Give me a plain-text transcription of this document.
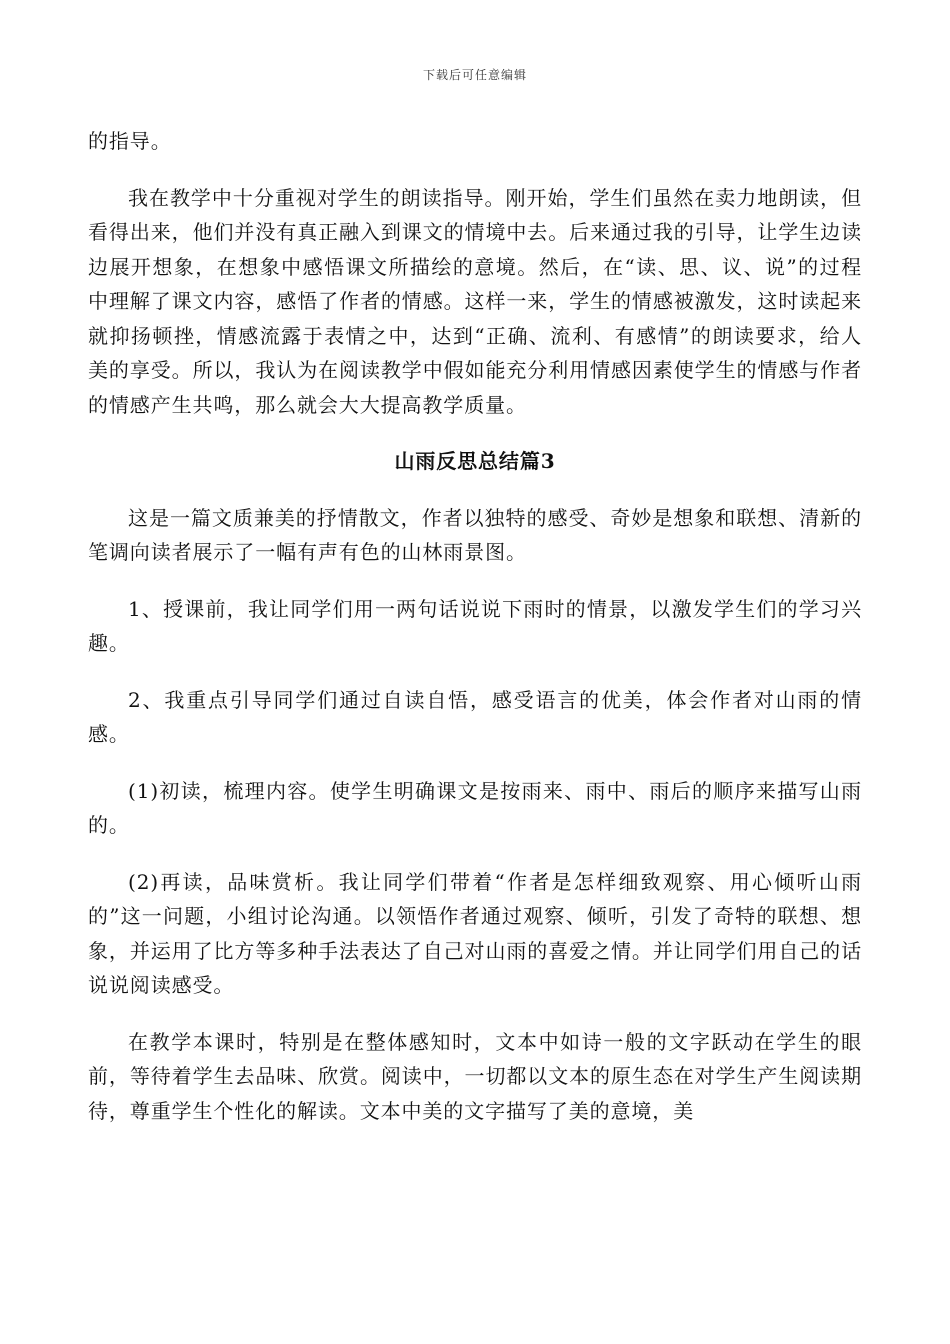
下载后可任意编辑

的指导。

我在教学中十分重视对学生的朗读指导。刚开始，学生们虽然在卖力地朗读，但看得出来，他们并没有真正融入到课文的情境中去。后来通过我的引导，让学生边读边展开想象，在想象中感悟课文所描绘的意境。然后，在“读、思、议、说”的过程中理解了课文内容，感悟了作者的情感。这样一来，学生的情感被激发，这时读起来就抑扬顿挫，情感流露于表情之中，达到“正确、流利、有感情”的朗读要求，给人美的享受。所以，我认为在阅读教学中假如能充分利用情感因素使学生的情感与作者的情感产生共鸣，那么就会大大提高教学质量。

山雨反思总结篇3

这是一篇文质兼美的抒情散文，作者以独特的感受、奇妙是想象和联想、清新的笔调向读者展示了一幅有声有色的山林雨景图。

1、授课前，我让同学们用一两句话说说下雨时的情景，以激发学生们的学习兴趣。

2、我重点引导同学们通过自读自悟，感受语言的优美，体会作者对山雨的情感。

(1)初读，梳理内容。使学生明确课文是按雨来、雨中、雨后的顺序来描写山雨的。

(2)再读，品味赏析。我让同学们带着“作者是怎样细致观察、用心倾听山雨的”这一问题，小组讨论沟通。以领悟作者通过观察、倾听，引发了奇特的联想、想象，并运用了比方等多种手法表达了自己对山雨的喜爱之情。并让同学们用自己的话说说阅读感受。

在教学本课时，特别是在整体感知时，文本中如诗一般的文字跃动在学生的眼前，等待着学生去品味、欣赏。阅读中，一切都以文本的原生态在对学生产生阅读期待，尊重学生个性化的解读。文本中美的文字描写了美的意境，美
